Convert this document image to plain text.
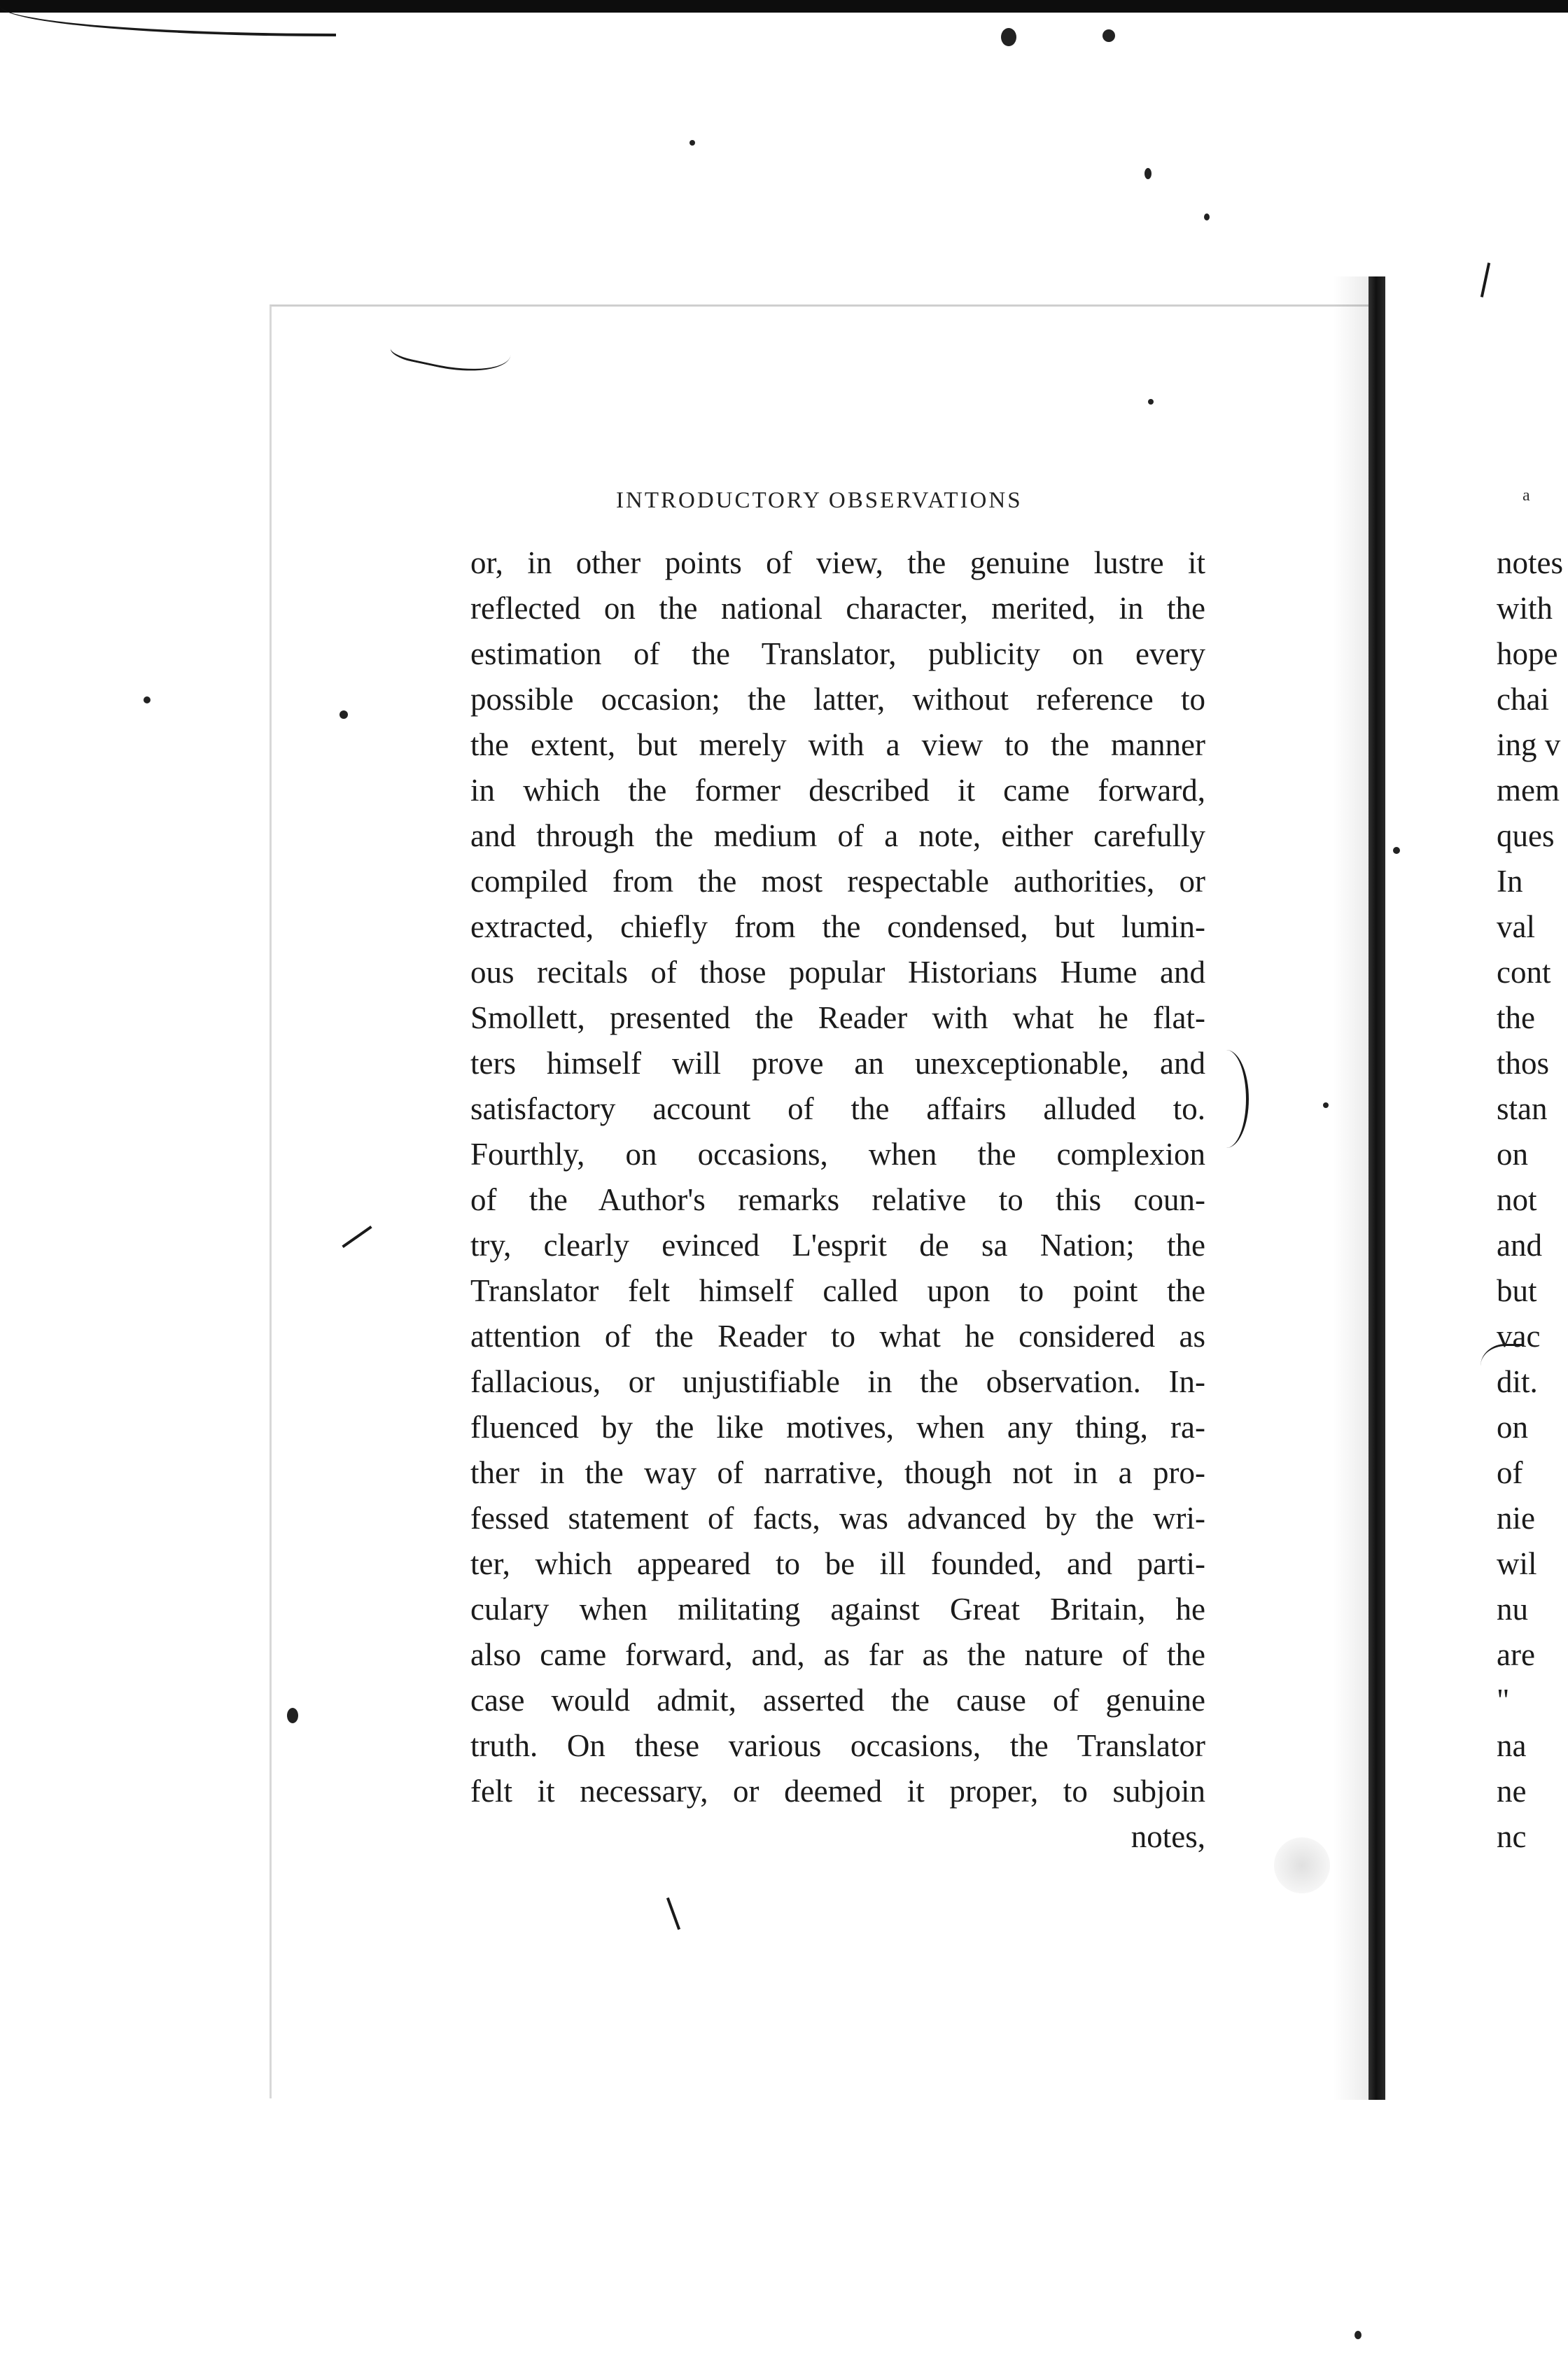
INTRODUCTORY OBSERVATIONS
or, in other points of view, the genuine lustre it
reflected on the national character, merited, in the
estimation of the Translator, publicity on every
possible occasion; the latter, without reference to
the extent, but merely with a view to the manner
in which the former described it came forward,
and through the medium of a note, either carefully
compiled from the most respectable authorities, or
extracted, chiefly from the condensed, but lumin-
ous recitals of those popular Historians Hume and
Smollett, presented the Reader with what he flat-
ters himself will prove an unexceptionable, and
satisfactory account of the affairs alluded to.
Fourthly, on occasions, when the complexion
of the Author's remarks relative to this coun-
try, clearly evinced L'esprit de sa Nation; the
Translator felt himself called upon to point the
attention of the Reader to what he considered as
fallacious, or unjustifiable in the observation. In-
fluenced by the like motives, when any thing, ra-
ther in the way of narrative, though not in a pro-
fessed statement of facts, was advanced by the wri-
ter, which appeared to be ill founded, and parti-
culary when militating against Great Britain, he
also came forward, and, as far as the nature of the
case would admit, asserted the cause of genuine
truth. On these various occasions, the Translator
felt it necessary, or deemed it proper, to subjoin
notes,
a
notes
with
hope
chai
ing v
mem
ques
In
val
cont
the
thos
stan
on
not
and
but
vac
dit.
on
of
nie
wil
nu
are
"
na
ne
nc
